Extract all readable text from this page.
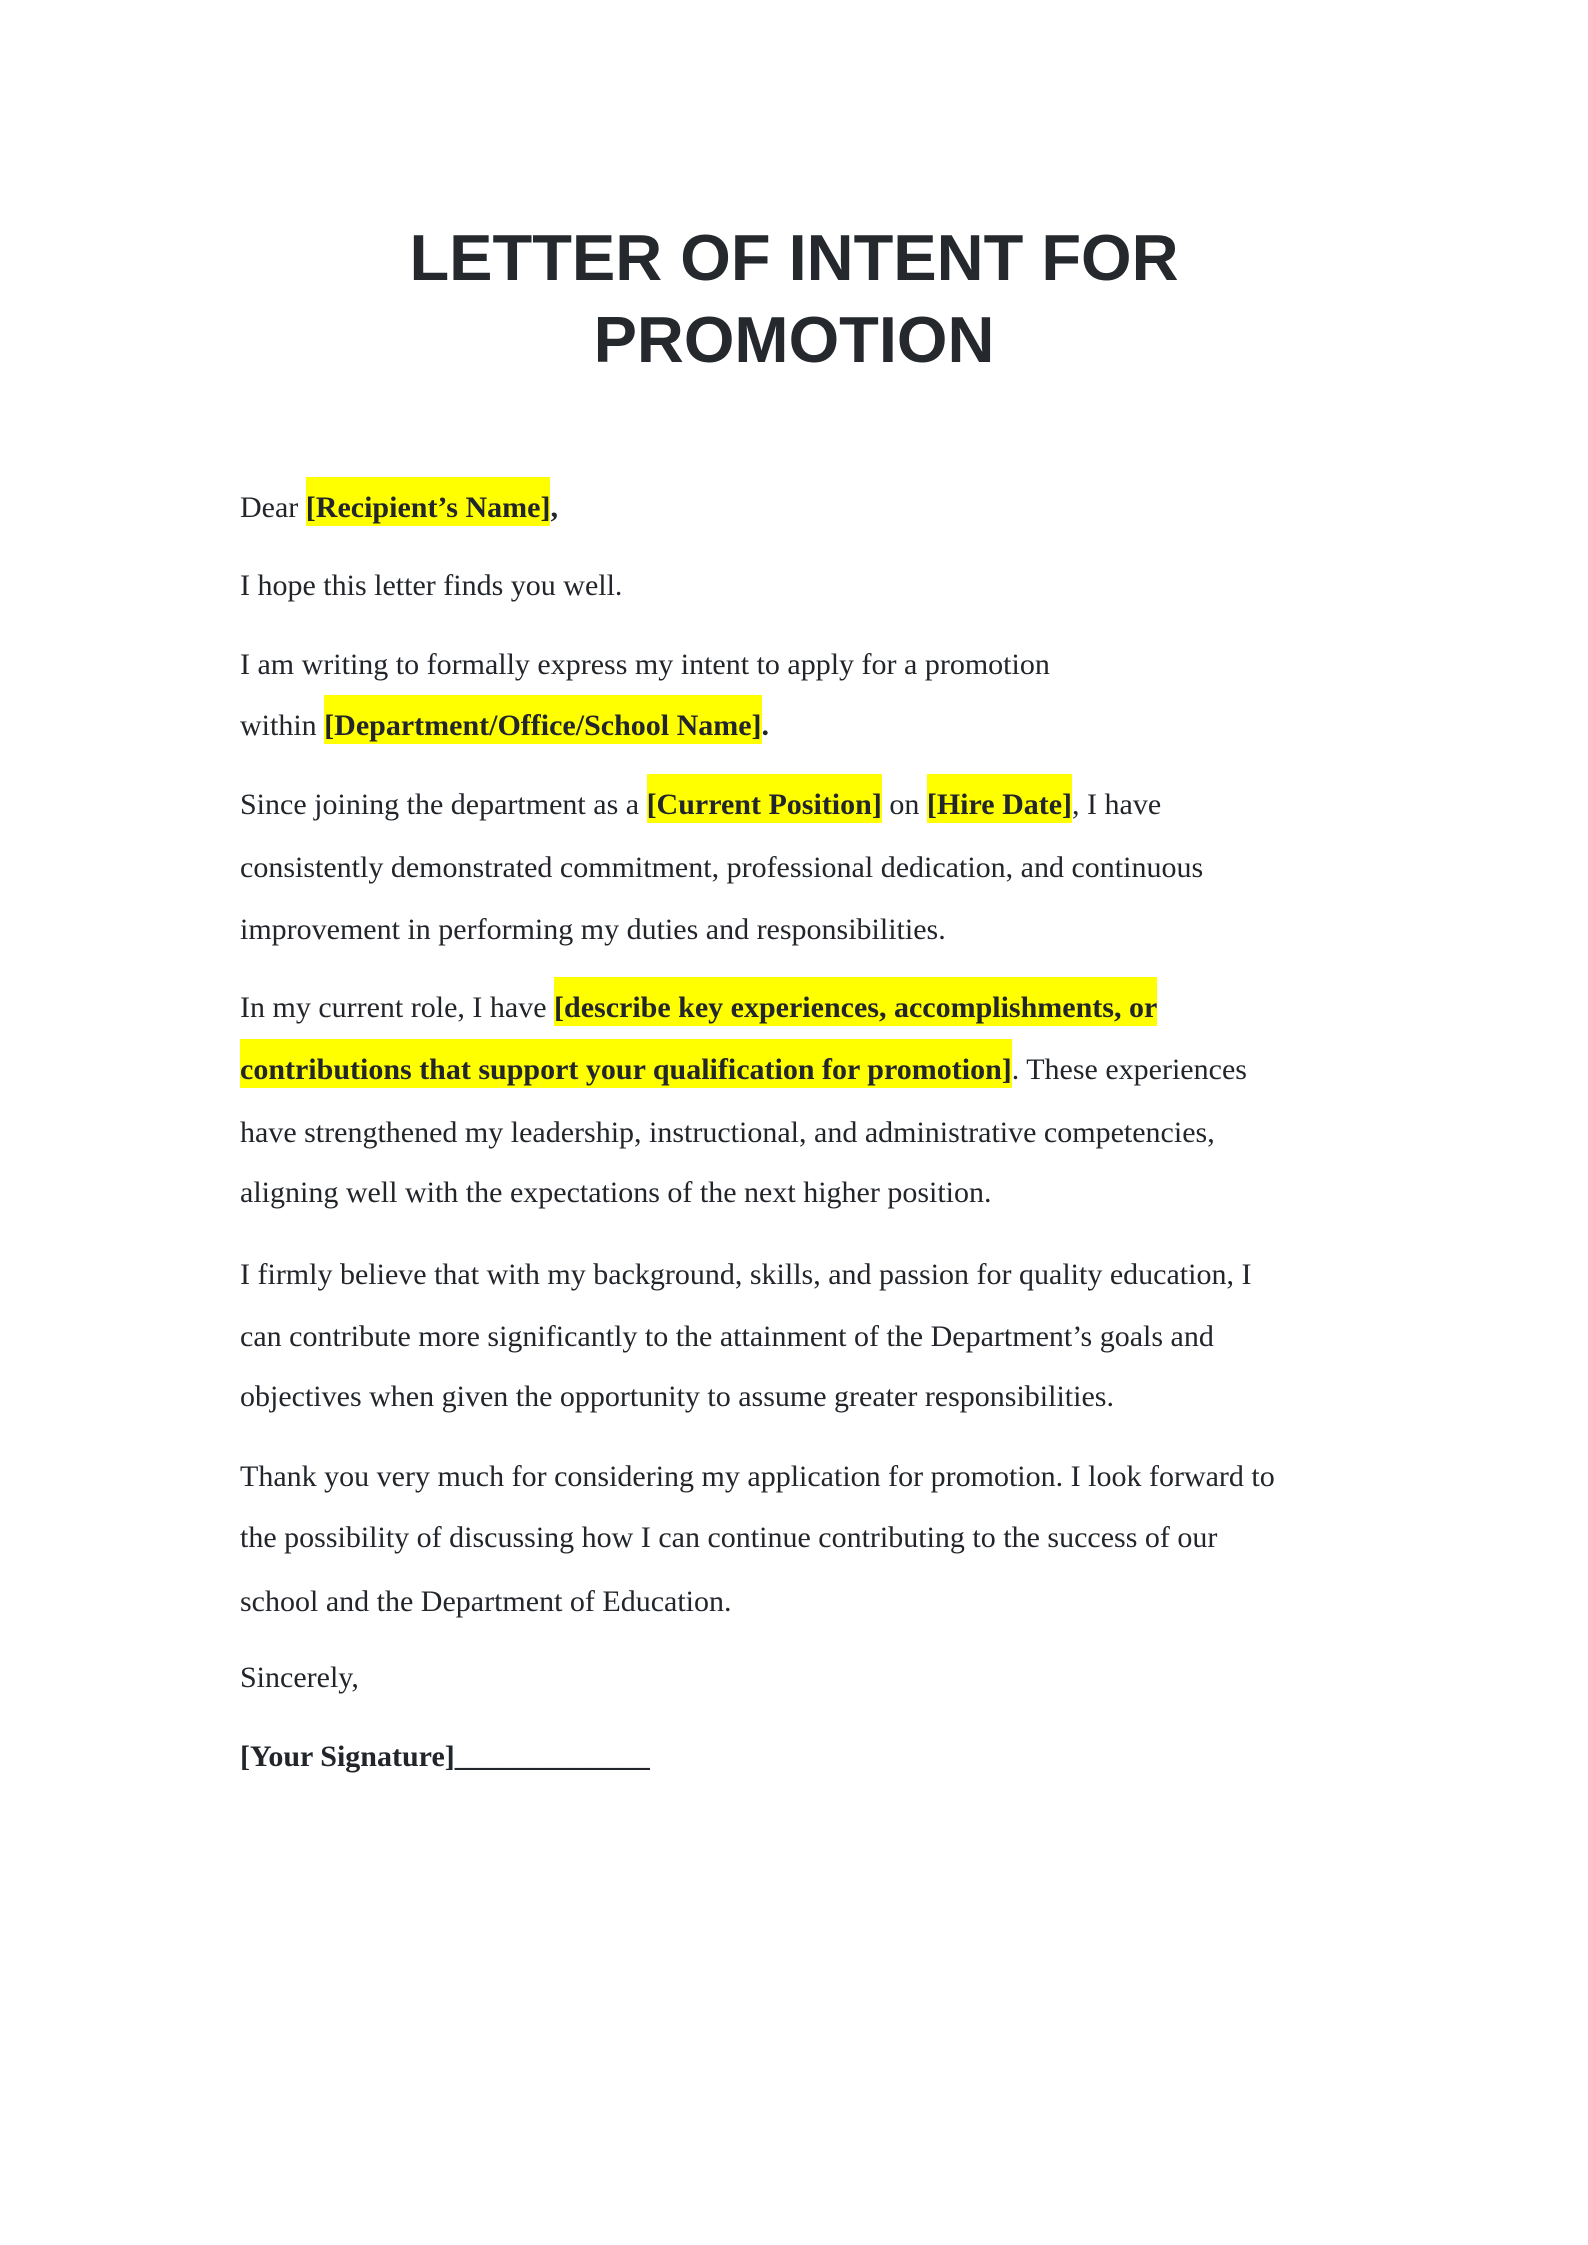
LETTER OF INTENT FOR
PROMOTION
Dear [Recipient’s Name],
I hope this letter finds you well.
I am writing to formally express my intent to apply for a promotion
within [Department/Office/School Name].
Since joining the department as a [Current Position] on [Hire Date], I have
consistently demonstrated commitment, professional dedication, and continuous
improvement in performing my duties and responsibilities.
In my current role, I have [describe key experiences, accomplishments, or
contributions that support your qualification for promotion]. These experiences
have strengthened my leadership, instructional, and administrative competencies,
aligning well with the expectations of the next higher position.
I firmly believe that with my background, skills, and passion for quality education, I
can contribute more significantly to the attainment of the Department’s goals and
objectives when given the opportunity to assume greater responsibilities.
Thank you very much for considering my application for promotion. I look forward to
the possibility of discussing how I can continue contributing to the success of our
school and the Department of Education.
Sincerely,
[Your Signature]_____________
